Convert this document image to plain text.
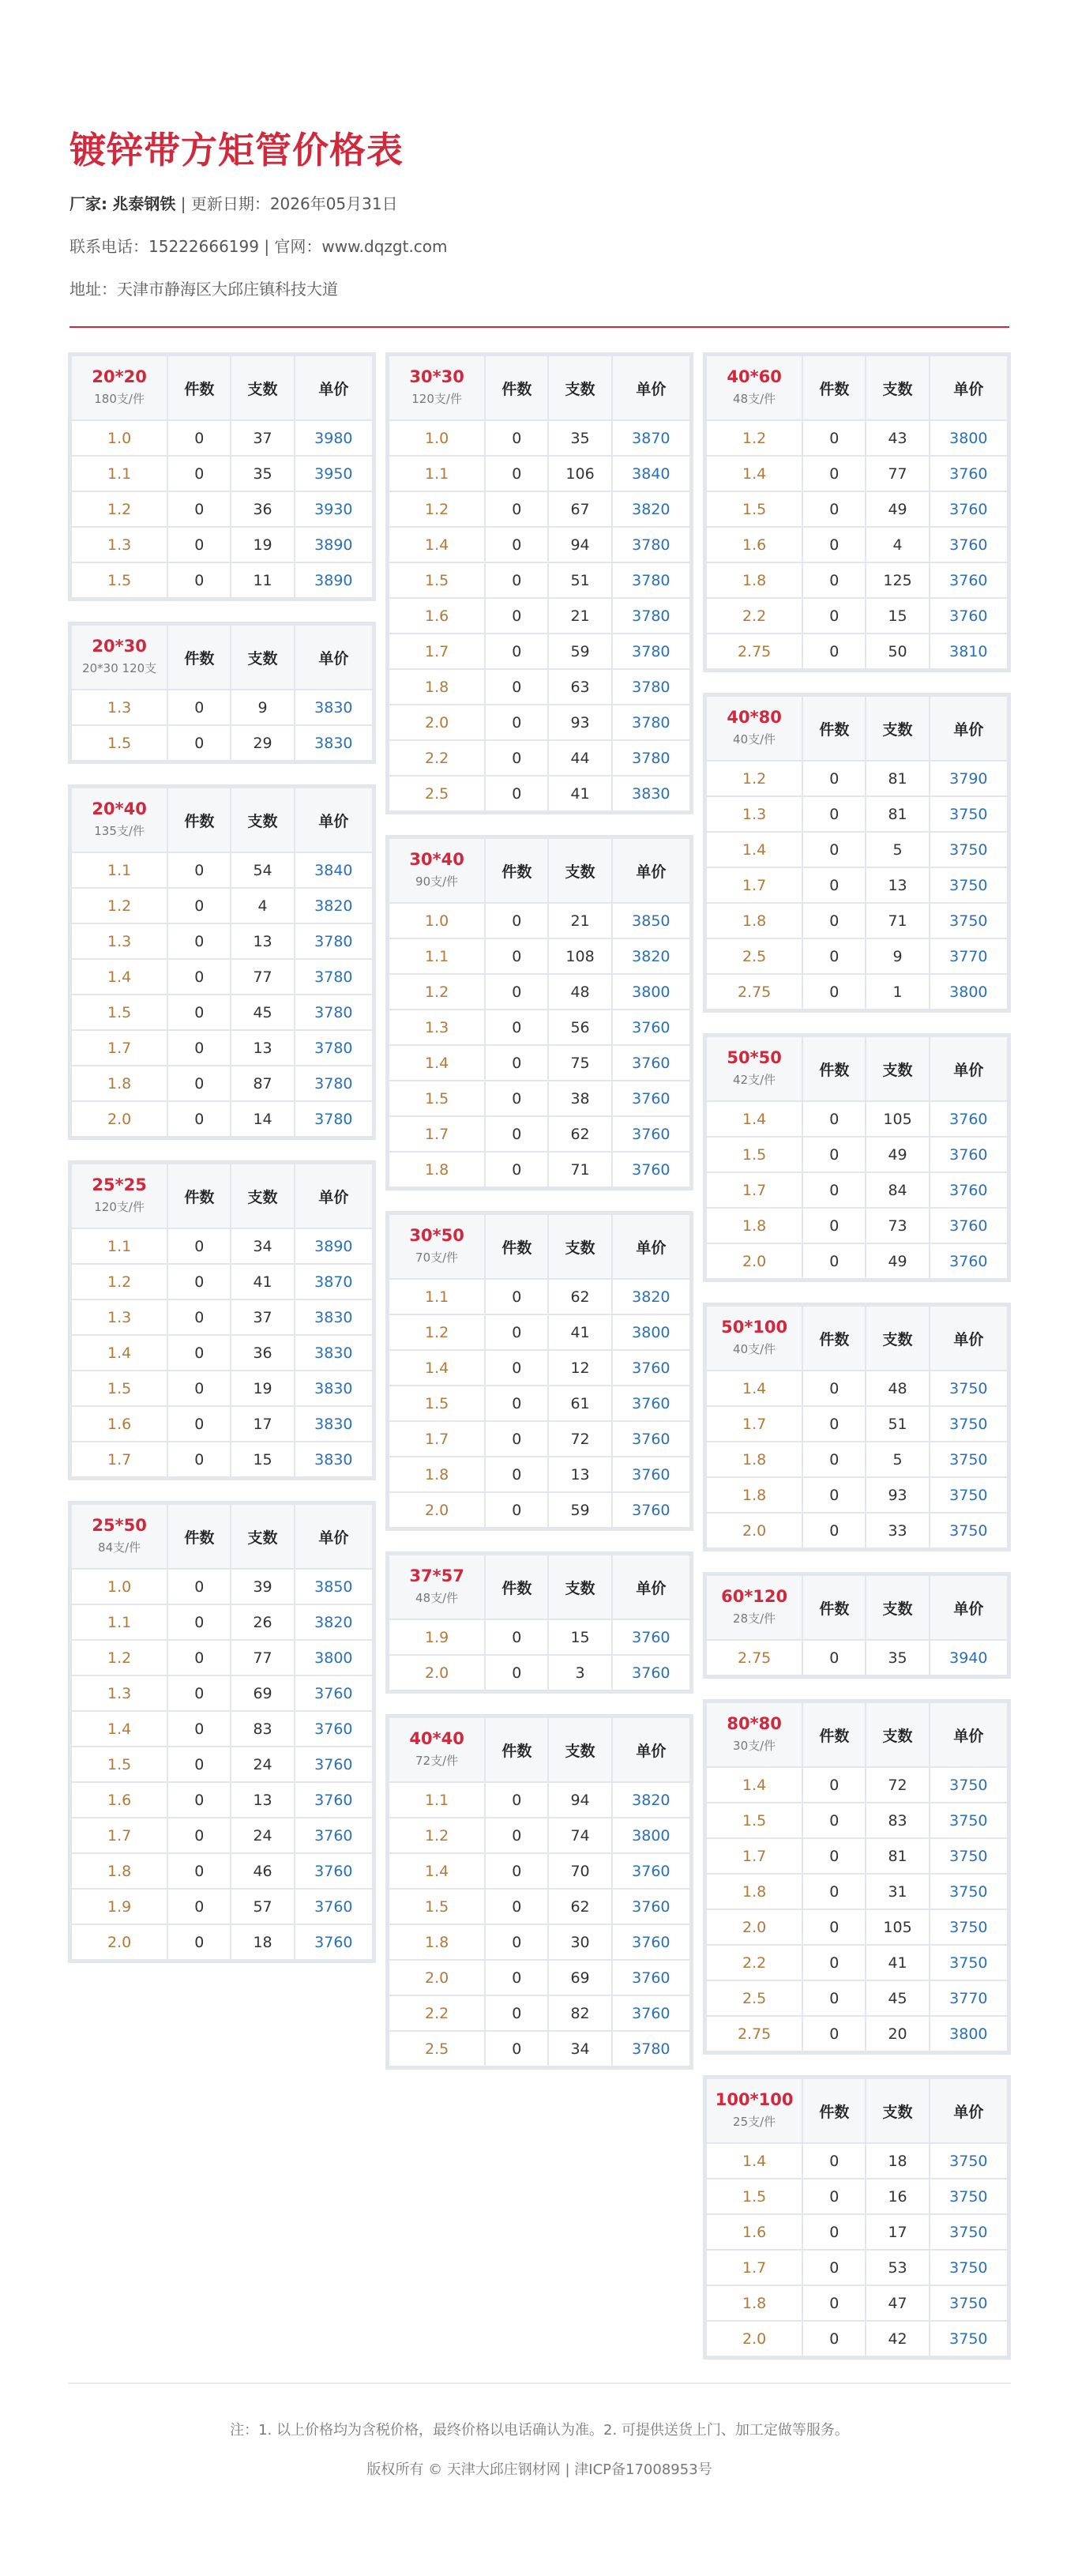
镀锌带方矩管价格表
厂家: 兆泰钢铁 | 更新日期：2026年05月31日
联系电话：15222666199 | 官网：www.dqzgt.com
地址：天津市静海区大邱庄镇科技大道
20*20
180支/件	件数	支数	单价
1.0	0	37	3980
1.1	0	35	3950
1.2	0	36	3930
1.3	0	19	3890
1.5	0	11	3890
20*30
20*30 120支	件数	支数	单价
1.3	0	9	3830
1.5	0	29	3830
20*40
135支/件	件数	支数	单价
1.1	0	54	3840
1.2	0	4	3820
1.3	0	13	3780
1.4	0	77	3780
1.5	0	45	3780
1.7	0	13	3780
1.8	0	87	3780
2.0	0	14	3780
25*25
120支/件	件数	支数	单价
1.1	0	34	3890
1.2	0	41	3870
1.3	0	37	3830
1.4	0	36	3830
1.5	0	19	3830
1.6	0	17	3830
1.7	0	15	3830
25*50
84支/件	件数	支数	单价
1.0	0	39	3850
1.1	0	26	3820
1.2	0	77	3800
1.3	0	69	3760
1.4	0	83	3760
1.5	0	24	3760
1.6	0	13	3760
1.7	0	24	3760
1.8	0	46	3760
1.9	0	57	3760
2.0	0	18	3760
30*30
120支/件	件数	支数	单价
1.0	0	35	3870
1.1	0	106	3840
1.2	0	67	3820
1.4	0	94	3780
1.5	0	51	3780
1.6	0	21	3780
1.7	0	59	3780
1.8	0	63	3780
2.0	0	93	3780
2.2	0	44	3780
2.5	0	41	3830
30*40
90支/件	件数	支数	单价
1.0	0	21	3850
1.1	0	108	3820
1.2	0	48	3800
1.3	0	56	3760
1.4	0	75	3760
1.5	0	38	3760
1.7	0	62	3760
1.8	0	71	3760
30*50
70支/件	件数	支数	单价
1.1	0	62	3820
1.2	0	41	3800
1.4	0	12	3760
1.5	0	61	3760
1.7	0	72	3760
1.8	0	13	3760
2.0	0	59	3760
37*57
48支/件	件数	支数	单价
1.9	0	15	3760
2.0	0	3	3760
40*40
72支/件	件数	支数	单价
1.1	0	94	3820
1.2	0	74	3800
1.4	0	70	3760
1.5	0	62	3760
1.8	0	30	3760
2.0	0	69	3760
2.2	0	82	3760
2.5	0	34	3780
40*60
48支/件	件数	支数	单价
1.2	0	43	3800
1.4	0	77	3760
1.5	0	49	3760
1.6	0	4	3760
1.8	0	125	3760
2.2	0	15	3760
2.75	0	50	3810
40*80
40支/件	件数	支数	单价
1.2	0	81	3790
1.3	0	81	3750
1.4	0	5	3750
1.7	0	13	3750
1.8	0	71	3750
2.5	0	9	3770
2.75	0	1	3800
50*50
42支/件	件数	支数	单价
1.4	0	105	3760
1.5	0	49	3760
1.7	0	84	3760
1.8	0	73	3760
2.0	0	49	3760
50*100
40支/件	件数	支数	单价
1.4	0	48	3750
1.7	0	51	3750
1.8	0	5	3750
1.8	0	93	3750
2.0	0	33	3750
60*120
28支/件	件数	支数	单价
2.75	0	35	3940
80*80
30支/件	件数	支数	单价
1.4	0	72	3750
1.5	0	83	3750
1.7	0	81	3750
1.8	0	31	3750
2.0	0	105	3750
2.2	0	41	3750
2.5	0	45	3770
2.75	0	20	3800
100*100
25支/件	件数	支数	单价
1.4	0	18	3750
1.5	0	16	3750
1.6	0	17	3750
1.7	0	53	3750
1.8	0	47	3750
2.0	0	42	3750
注：1. 以上价格均为含税价格，最终价格以电话确认为准。2. 可提供送货上门、加工定做等服务。
版权所有 © 天津大邱庄钢材网 | 津ICP备17008953号
